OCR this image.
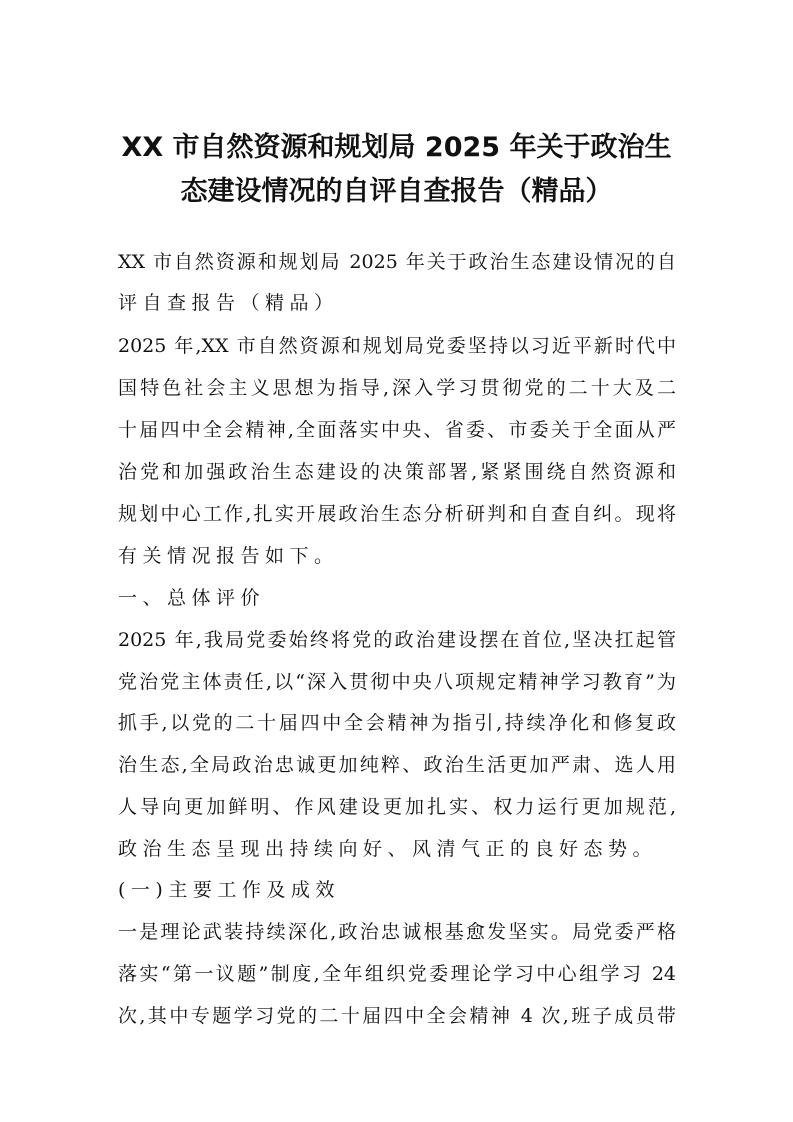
XX 市自然资源和规划局 2025 年关于政治生
态建设情况的自评自查报告（精品）
XX 市自然资源和规划局 2025 年关于政治生态建设情况的自
评自查报告（精品）
2025 年,XX 市自然资源和规划局党委坚持以习近平新时代中
国特色社会主义思想为指导,深入学习贯彻党的二十大及二
十届四中全会精神,全面落实中央、省委、市委关于全面从严
治党和加强政治生态建设的决策部署,紧紧围绕自然资源和
规划中心工作,扎实开展政治生态分析研判和自查自纠。现将
有关情况报告如下。
一、总体评价
2025 年,我局党委始终将党的政治建设摆在首位,坚决扛起管
党治党主体责任,以“深入贯彻中央八项规定精神学习教育”为
抓手,以党的二十届四中全会精神为指引,持续净化和修复政
治生态,全局政治忠诚更加纯粹、政治生活更加严肃、选人用
人导向更加鲜明、作风建设更加扎实、权力运行更加规范,
政治生态呈现出持续向好、风清气正的良好态势。
(一)主要工作及成效
一是理论武装持续深化,政治忠诚根基愈发坚实。局党委严格
落实“第一议题”制度,全年组织党委理论学习中心组学习 24
次,其中专题学习党的二十届四中全会精神 4 次,班子成员带
